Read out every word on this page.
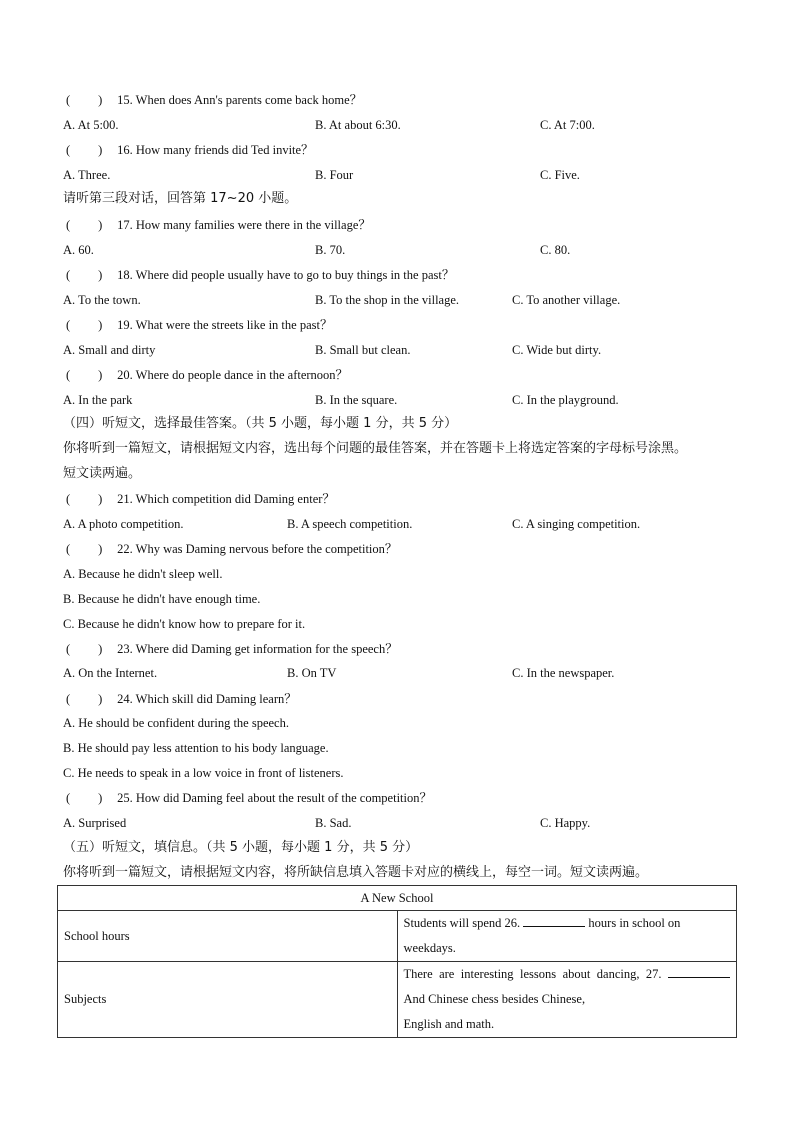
( ) 15. When does Ann's parents come back home？
A. At 5:00.	B. At about 6:30.	C. At 7:00.
( ) 16. How many friends did Ted invite？
A. Three.	B. Four	C. Five.
请听第三段对话，回答第 17~20 小题。
( ) 17. How many families were there in the village？
A. 60.	B. 70.	C. 80.
( ) 18. Where did people usually have to go to buy things in the past？
A. To the town.	B. To the shop in the village.	C. To another village.
( ) 19. What were the streets like in the past？
A. Small and dirty	B. Small but clean.	C. Wide but dirty.
( ) 20. Where do people dance in the afternoon？
A. In the park	B. In the square.	C. In the playground.
（四）听短文，选择最佳答案。（共 5 小题，每小题 1 分，共 5 分）
你将听到一篇短文，请根据短文内容，选出每个问题的最佳答案，并在答题卡上将选定答案的字母标号涂黑。
短文读两遍。
( ) 21. Which competition did Daming enter？
A. A photo competition.	B. A speech competition.	C. A singing competition.
( ) 22. Why was Daming nervous before the competition？
A. Because he didn't sleep well.
B. Because he didn't have enough time.
C. Because he didn't know how to prepare for it.
( ) 23. Where did Daming get information for the speech？
A. On the Internet.	B. On TV	C. In the newspaper.
( ) 24. Which skill did Daming learn？
A. He should be confident during the speech.
B. He should pay less attention to his body language.
C. He needs to speak in a low voice in front of listeners.
( ) 25. How did Daming feel about the result of the competition？
A. Surprised	B. Sad.	C. Happy.
（五）听短文，填信息。（共 5 小题，每小题 1 分，共 5 分）
你将听到一篇短文，请根据短文内容，将所缺信息填入答题卡对应的横线上，每空一词。短文读两遍。
A New School	
School hours	Students will spend 26. hours in school on weekdays.
Subjects	There are interesting lessons about dancing, 27.  And Chinese chess besides Chinese,
English and math.
